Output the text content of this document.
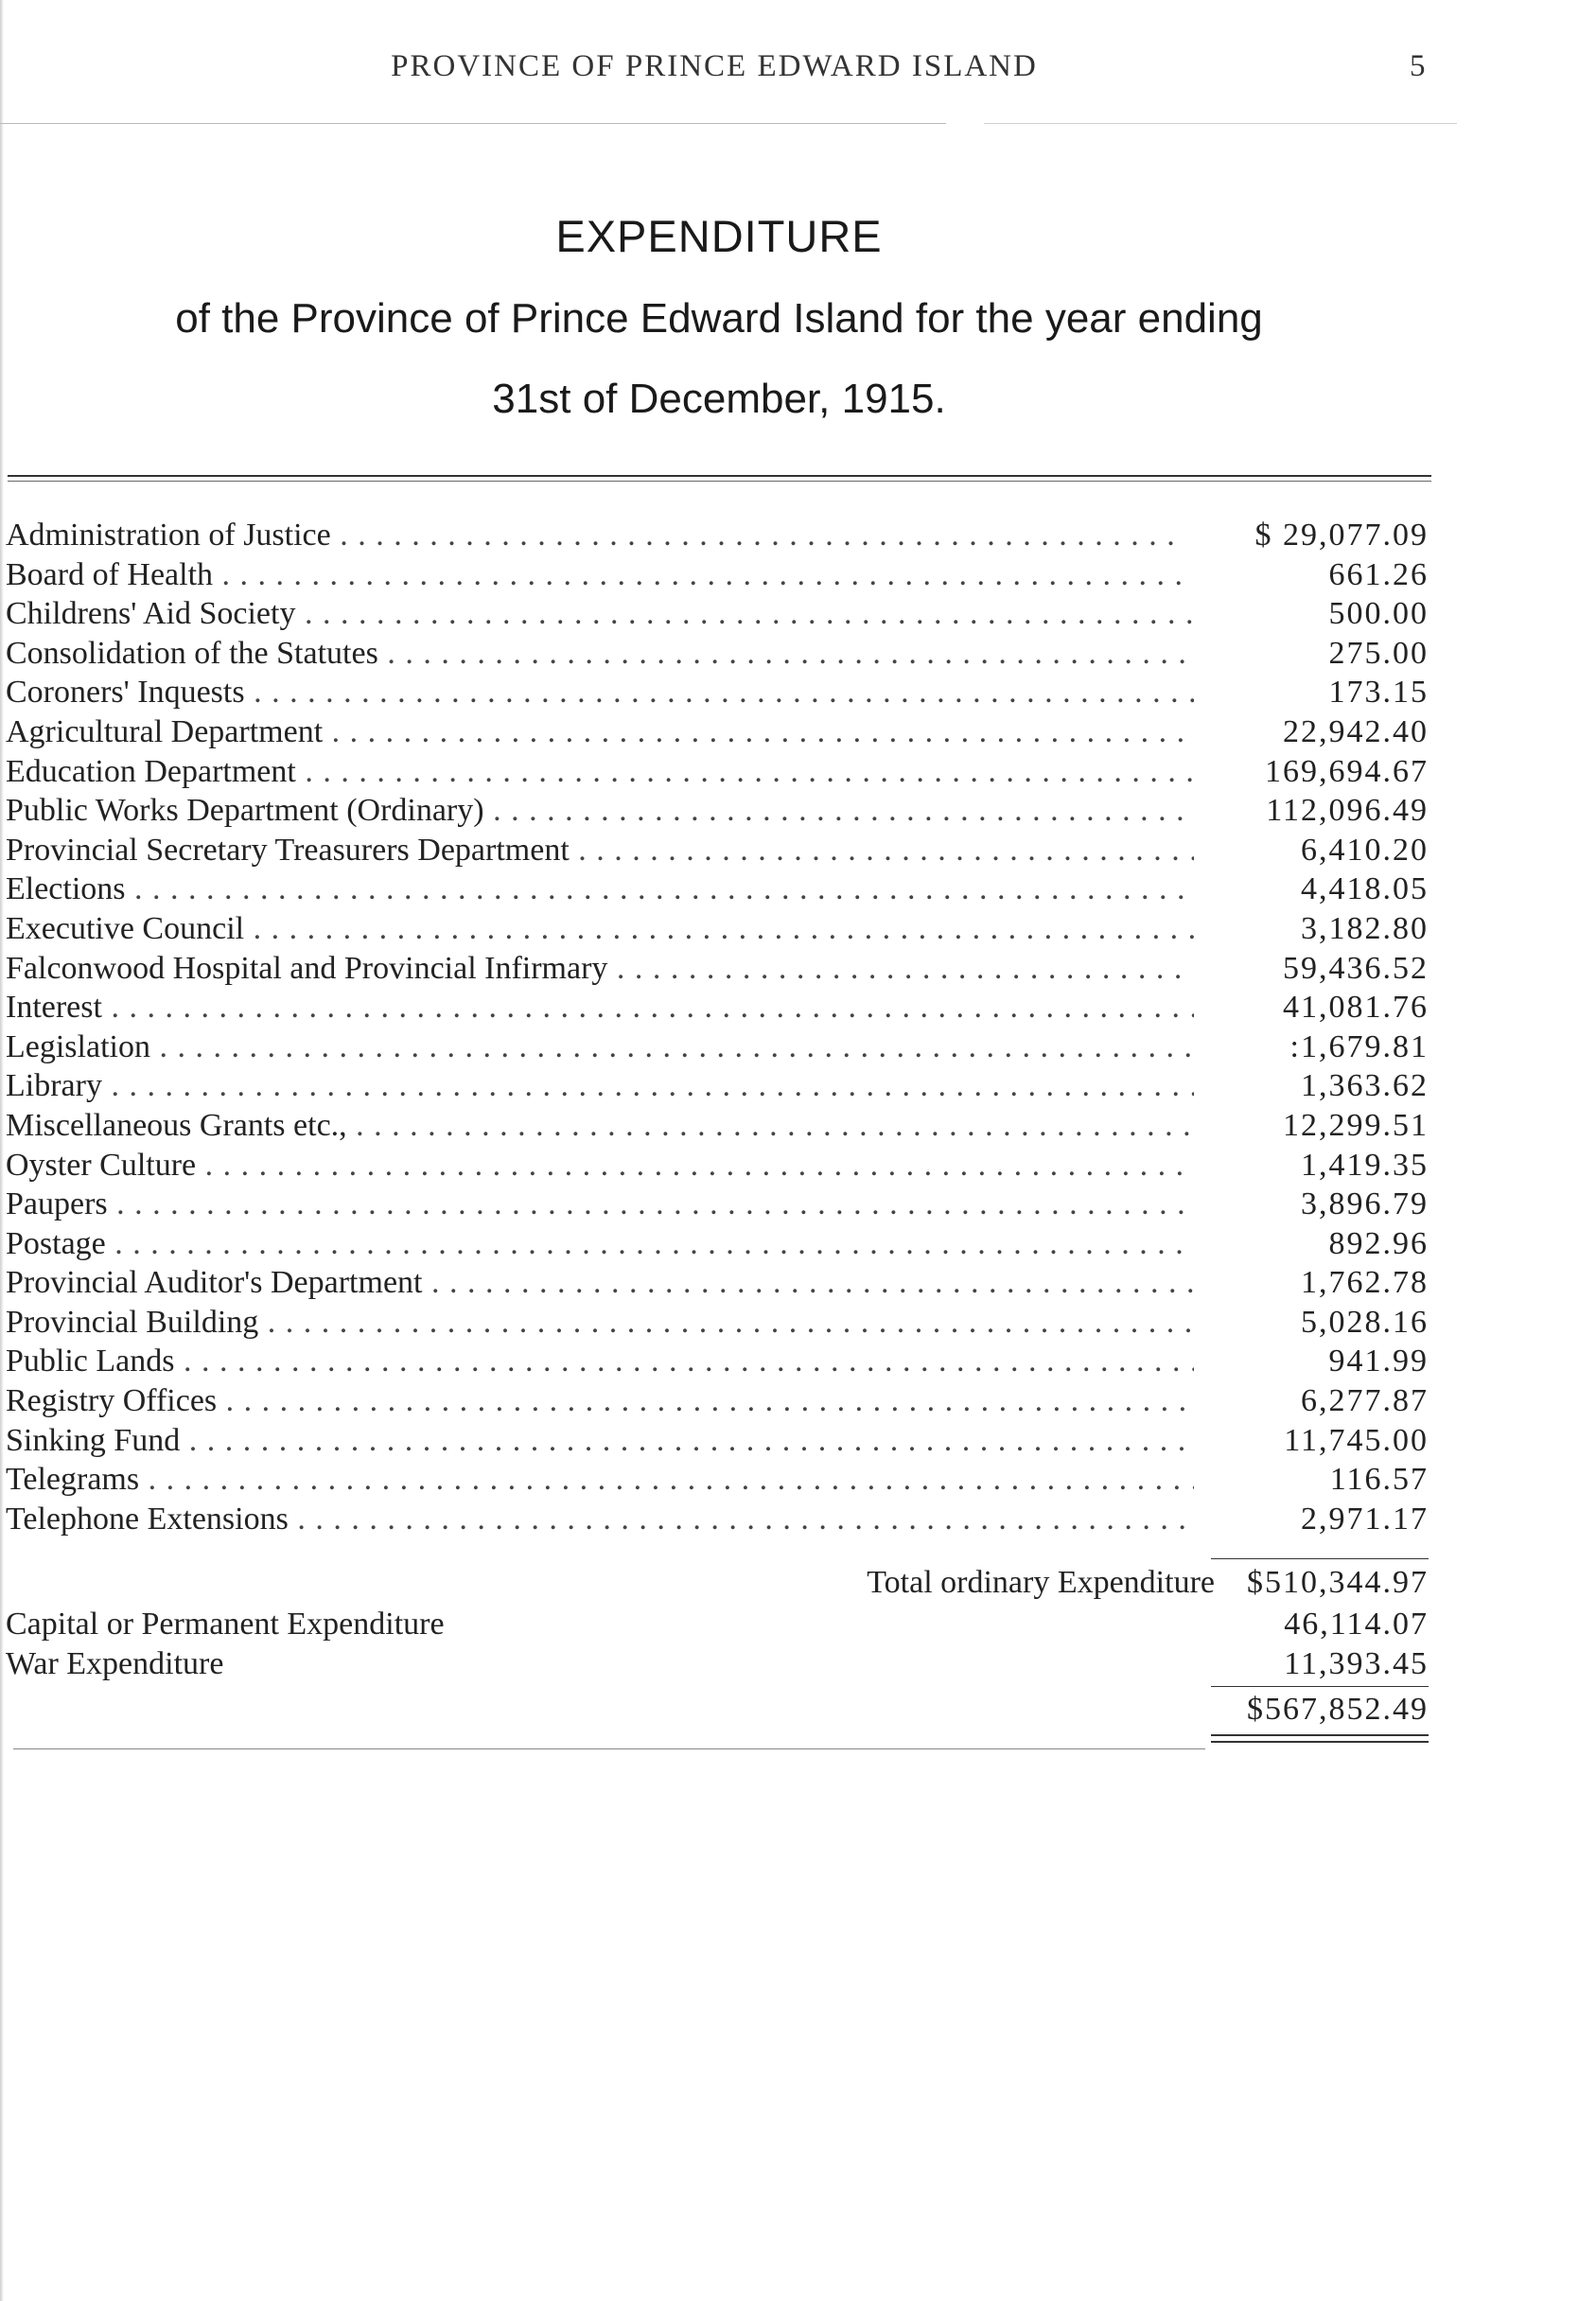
PROVINCE OF PRINCE EDWARD ISLAND	5
EXPENDITURE
of the Province of Prince Edward Island for the year ending
31st of December, 1915.
Administration of Justice . . .	$ 29,077.09
Board of Health . . .	661.26
Childrens' Aid Society . . .	500.00
Consolidation of the Statutes . . .	275.00
Coroners' Inquests . . .	173.15
Agricultural Department . . .	22,942.40
Education Department . . .	169,694.67
Public Works Department (Ordinary) . . .	112,096.49
Provincial Secretary Treasurers Department . . .	6,410.20
Elections . . .	4,418.05
Executive Council . . .	3,182.80
Falconwood Hospital and Provincial Infirmary . . .	59,436.52
Interest . . .	41,081.76
Legislation . . .	:1,679.81
Library . . .	1,363.62
Miscellaneous Grants etc., . . .	12,299.51
Oyster Culture . . .	1,419.35
Paupers . . .	3,896.79
Postage . . .	892.96
Provincial Auditor's Department . . .	1,762.78
Provincial Building . . .	5,028.16
Public Lands . . .	941.99
Registry Offices . . .	6,277.87
Sinking Fund . . .	11,745.00
Telegrams . . .	116.57
Telephone Extensions . . .	2,971.17
Total ordinary Expenditure $510,344.97
Capital or Permanent Expenditure	46,114.07
War Expenditure	11,393.45
$567,852.49
